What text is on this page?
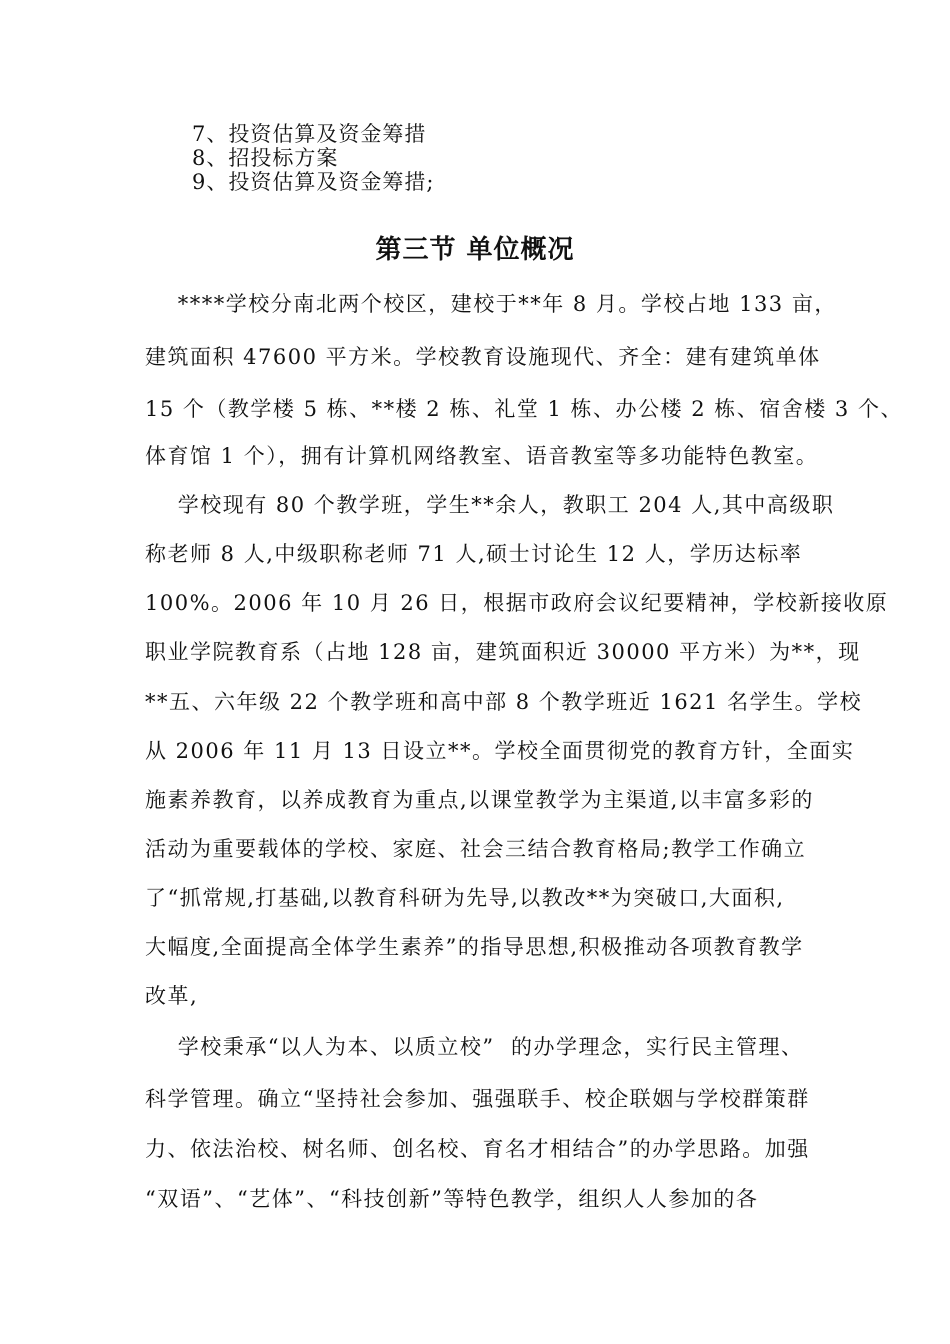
7、投资估算及资金筹措
8、招投标方案
9、投资估算及资金筹措;
第三节 单位概况
****学校分南北两个校区，建校于**年 8 月。学校占地 133 亩，
建筑面积 47600 平方米。学校教育设施现代、齐全：建有建筑单体
15 个（教学楼 5 栋、**楼 2 栋、礼堂 1 栋、办公楼 2 栋、宿舍楼 3 个、
体育馆 1 个），拥有计算机网络教室、语音教室等多功能特色教室。
学校现有 80 个教学班，学生**余人，教职工 204 人,其中高级职
称老师 8 人,中级职称老师 71 人,硕士讨论生 12 人，学历达标率
100%。2006 年 10 月 26 日，根据市政府会议纪要精神，学校新接收原
职业学院教育系（占地 128 亩，建筑面积近 30000 平方米）为**，现
**五、六年级 22 个教学班和高中部 8 个教学班近 1621 名学生。学校
从 2006 年 11 月 13 日设立**。学校全面贯彻党的教育方针，全面实
施素养教育，以养成教育为重点,以课堂教学为主渠道,以丰富多彩的
活动为重要载体的学校、家庭、社会三结合教育格局;教学工作确立
了“抓常规,打基础,以教育科研为先导,以教改**为突破口,大面积,
大幅度,全面提高全体学生素养”的指导思想,积极推动各项教育教学
改革,
学校秉承“以人为本、以质立校”  的办学理念，实行民主管理、
科学管理。确立“坚持社会参加、强强联手、校企联姻与学校群策群
力、依法治校、树名师、创名校、育名才相结合”的办学思路。加强
“双语”、“艺体”、“科技创新”等特色教学，组织人人参加的各
